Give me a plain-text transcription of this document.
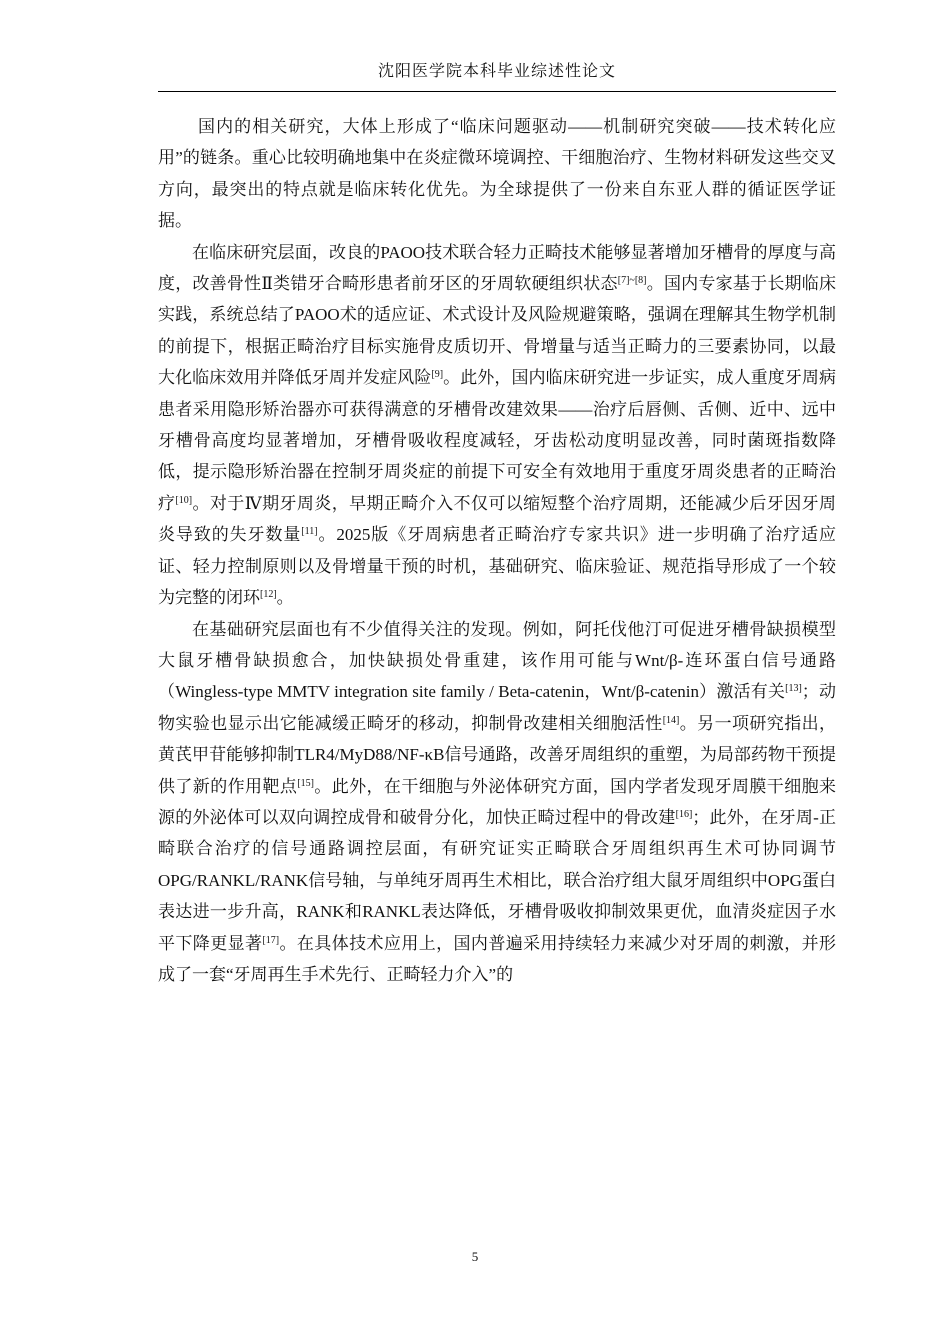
沈阳医学院本科毕业综述性论文

国内的相关研究，大体上形成了“临床问题驱动——机制研究突破——技术转化应用”的链条。重心比较明确地集中在炎症微环境调控、干细胞治疗、生物材料研发这些交叉方向，最突出的特点就是临床转化优先。为全球提供了一份来自东亚人群的循证医学证据。

在临床研究层面，改良的PAOO技术联合轻力正畸技术能够显著增加牙槽骨的厚度与高度，改善骨性Ⅱ类错牙合畸形患者前牙区的牙周软硬组织状态[7]~[8]。国内专家基于长期临床实践，系统总结了PAOO术的适应证、术式设计及风险规避策略，强调在理解其生物学机制的前提下，根据正畸治疗目标实施骨皮质切开、骨增量与适当正畸力的三要素协同，以最大化临床效用并降低牙周并发症风险[9]。此外，国内临床研究进一步证实，成人重度牙周病患者采用隐形矫治器亦可获得满意的牙槽骨改建效果——治疗后唇侧、舌侧、近中、远中牙槽骨高度均显著增加，牙槽骨吸收程度减轻，牙齿松动度明显改善，同时菌斑指数降低，提示隐形矫治器在控制牙周炎症的前提下可安全有效地用于重度牙周炎患者的正畸治疗[10]。对于Ⅳ期牙周炎，早期正畸介入不仅可以缩短整个治疗周期，还能减少后牙因牙周炎导致的失牙数量[11]。2025版《牙周病患者正畸治疗专家共识》进一步明确了治疗适应证、轻力控制原则以及骨增量干预的时机，基础研究、临床验证、规范指导形成了一个较为完整的闭环[12]。

在基础研究层面也有不少值得关注的发现。例如，阿托伐他汀可促进牙槽骨缺损模型大鼠牙槽骨缺损愈合，加快缺损处骨重建，该作用可能与Wnt/β-连环蛋白信号通路（Wingless-type MMTV integration site family / Beta-catenin，Wnt/β-catenin）激活有关[13]；动物实验也显示出它能减缓正畸牙的移动，抑制骨改建相关细胞活性[14]。另一项研究指出，黄芪甲苷能够抑制TLR4/MyD88/NF-κB信号通路，改善牙周组织的重塑，为局部药物干预提供了新的作用靶点[15]。此外，在干细胞与外泌体研究方面，国内学者发现牙周膜干细胞来源的外泌体可以双向调控成骨和破骨分化，加快正畸过程中的骨改建[16]；此外，在牙周-正畸联合治疗的信号通路调控层面，有研究证实正畸联合牙周组织再生术可协同调节OPG/RANKL/RANK信号轴，与单纯牙周再生术相比，联合治疗组大鼠牙周组织中OPG蛋白表达进一步升高，RANK和RANKL表达降低，牙槽骨吸收抑制效果更优，血清炎症因子水平下降更显著[17]。在具体技术应用上，国内普遍采用持续轻力来减少对牙周的刺激，并形成了一套“牙周再生手术先行、正畸轻力介入”的

5
